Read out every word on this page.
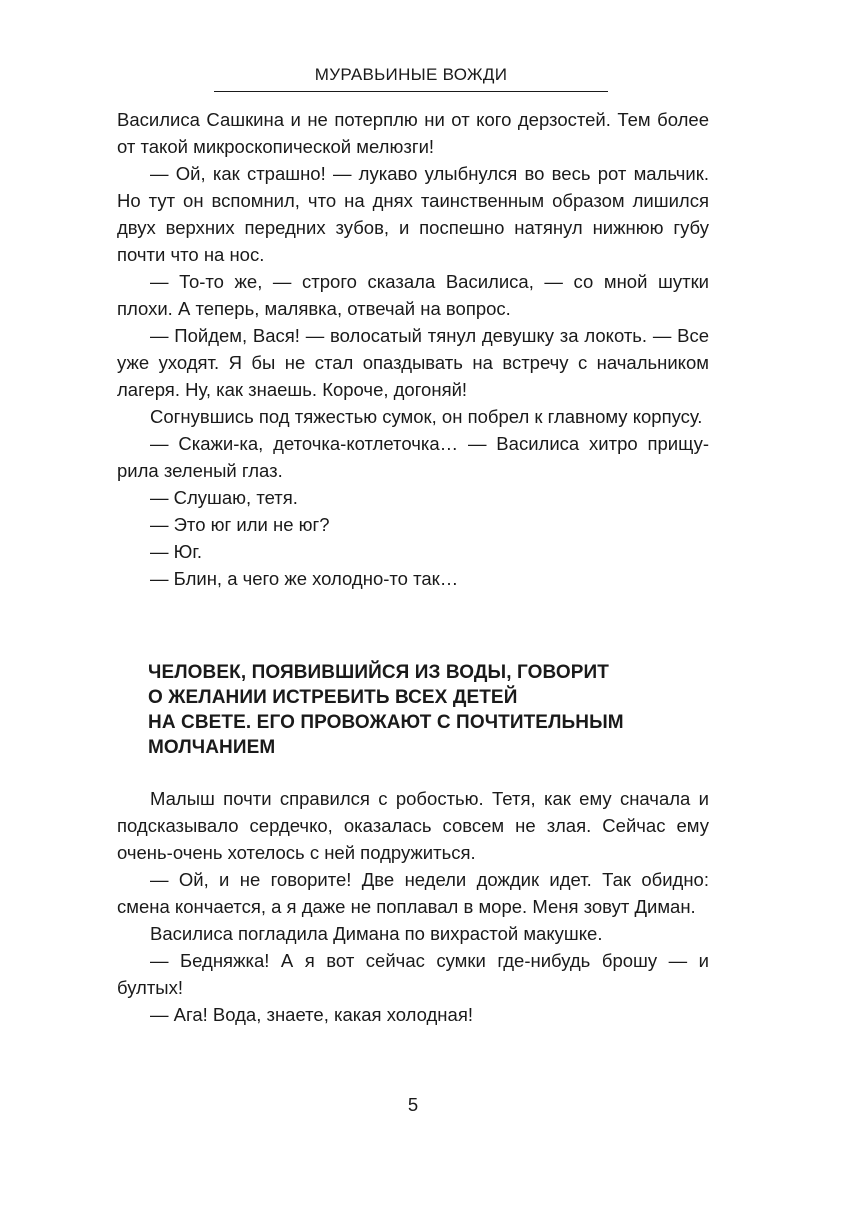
МУРАВЬИНЫЕ ВОЖДИ

Василиса Сашкина и не потерплю ни от кого дерзостей. Тем более от такой микроскопической мелюзги!

— Ой, как страшно! — лукаво улыбнулся во весь рот мальчик. Но тут он вспомнил, что на днях таинственным образом лишился двух верхних передних зубов, и поспешно натянул нижнюю губу почти что на нос.

— То-то же, — строго сказала Василиса, — со мной шутки плохи. А теперь, малявка, отвечай на вопрос.

— Пойдем, Вася! — волосатый тянул девушку за локоть. — Все уже уходят. Я бы не стал опаздывать на встречу с начальником лагеря. Ну, как знаешь. Короче, догоняй!

Согнувшись под тяжестью сумок, он побрел к главному корпусу.

— Скажи-ка, деточка-котлеточка… — Василиса хитро прищурила зеленый глаз.

— Слушаю, тетя.

— Это юг или не юг?

— Юг.

— Блин, а чего же холодно-то так…

ЧЕЛОВЕК, ПОЯВИВШИЙСЯ ИЗ ВОДЫ, ГОВОРИТ
О ЖЕЛАНИИ ИСТРЕБИТЬ ВСЕХ ДЕТЕЙ
НА СВЕТЕ. ЕГО ПРОВОЖАЮТ С ПОЧТИТЕЛЬНЫМ
МОЛЧАНИЕМ

Малыш почти справился с робостью. Тетя, как ему сначала и подсказывало сердечко, оказалась совсем не злая. Сейчас ему очень-очень хотелось с ней подружиться.

— Ой, и не говорите! Две недели дождик идет. Так обидно: смена кончается, а я даже не поплавал в море. Меня зовут Диман.

Василиса погладила Димана по вихрастой макушке.

— Бедняжка! А я вот сейчас сумки где-нибудь брошу — и бултых!

— Ага! Вода, знаете, какая холодная!

5
